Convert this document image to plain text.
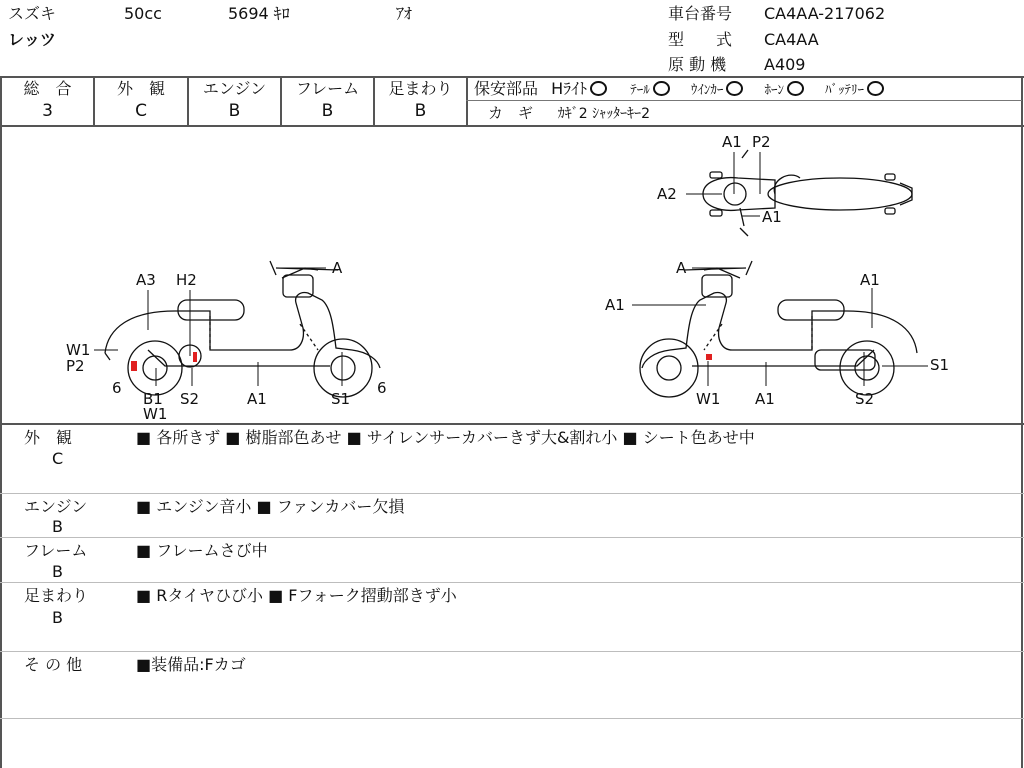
スズキ	50cc	5694 ｷﾛ	ｱｵ
レッツ
車台番号 CA4AA-217062
型　　式 CA4AA
原 動 機 A409
総　合
3
外　観
C
エンジン
B
フレーム
B
足まわり
B
保安部品 Hﾗｲﾄ	ﾃｰﾙ	ｳｲﾝｶｰ	ﾎｰﾝ	ﾊﾞｯﾃﾘｰ
カ　ギ ｶｷﾞ2 ｼｬｯﾀｰｷｰ2
A3 H2
A
W1
P2
6
B1
W1
S2	A1	S1
6
A
A1
A1
W1 A1	S2
S1
A1 P2
A2
A1
外　観
C
■ 各所きず ■ 樹脂部色あせ ■ サイレンサーカバーきず大&割れ小 ■ シート色あせ中
エンジン
B
■ エンジン音小 ■ ファンカバー欠損
フレーム
B
■ フレームさび中
足まわり
B
■ Rタイヤひび小 ■ Fフォーク摺動部きず小
そ の 他	■装備品:Fカゴ
